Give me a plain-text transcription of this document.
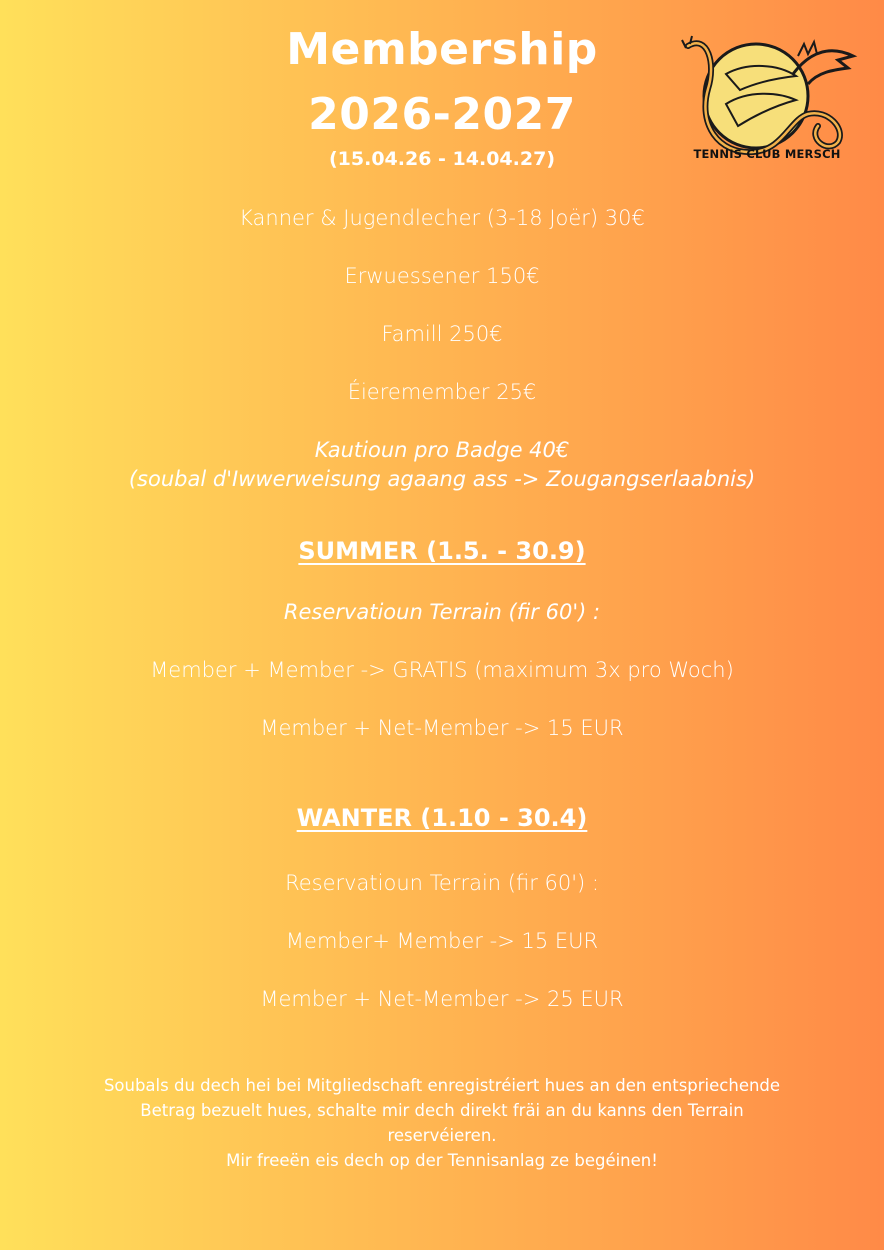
Membership
2026-2027
(15.04.26 - 14.04.27)	TENNIS CLUB MERSCH
Kanner & Jugendlecher (3-18 Joër) 30€
Erwuessener 150€
Famill 250€
Éieremember 25€
Kautioun pro Badge 40€
(soubal d'Iwwerweisung agaang ass -> Zougangserlaabnis)
SUMMER (1.5. - 30.9)
Reservatioun Terrain (fir 60') :
Member + Member -> GRATIS (maximum 3x pro Woch)
Member + Net-Member -> 15 EUR
WANTER (1.10 - 30.4)
Reservatioun Terrain (fir 60') :
Member+ Member -> 15 EUR
Member + Net-Member -> 25 EUR
Soubals du dech hei bei Mitgliedschaft enregistréiert hues an den entspriechende
Betrag bezuelt hues, schalte mir dech direkt fräi an du kanns den Terrain
reservéieren.
Mir freeën eis dech op der Tennisanlag ze begéinen!
